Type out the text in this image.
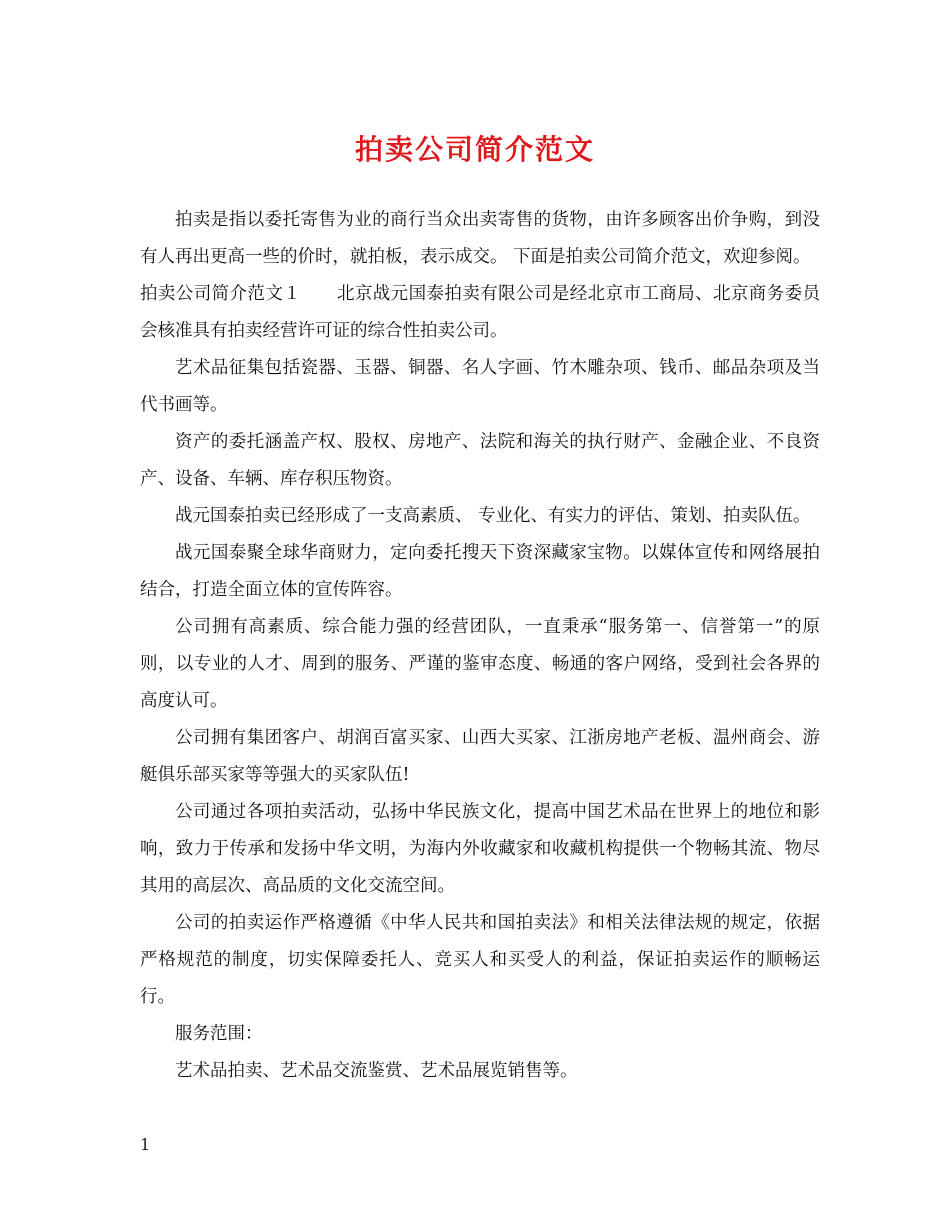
拍卖公司简介范文

拍卖是指以委托寄售为业的商行当众出卖寄售的货物，由许多顾客出价争购，到没有人再出更高一些的价时，就拍板，表示成交。 下面是拍卖公司简介范文，欢迎参阅。

拍卖公司简介范文１　　北京战元国泰拍卖有限公司是经北京市工商局、北京商务委员会核准具有拍卖经营许可证的综合性拍卖公司。

艺术品征集包括瓷器、玉器、铜器、名人字画、竹木雕杂项、钱币、邮品杂项及当代书画等。

资产的委托涵盖产权、股权、房地产、法院和海关的执行财产、金融企业、不良资产、设备、车辆、库存积压物资。

战元国泰拍卖已经形成了一支高素质、 专业化、有实力的评估、策划、拍卖队伍。

战元国泰聚全球华商财力，定向委托搜天下资深藏家宝物。以媒体宣传和网络展拍结合，打造全面立体的宣传阵容。

公司拥有高素质、综合能力强的经营团队，一直秉承“服务第一、信誉第一”的原则，以专业的人才、周到的服务、严谨的鉴审态度、畅通的客户网络，受到社会各界的高度认可。

公司拥有集团客户、胡润百富买家、山西大买家、江浙房地产老板、温州商会、游艇俱乐部买家等等强大的买家队伍!

公司通过各项拍卖活动，弘扬中华民族文化，提高中国艺术品在世界上的地位和影响，致力于传承和发扬中华文明，为海内外收藏家和收藏机构提供一个物畅其流、物尽其用的高层次、高品质的文化交流空间。

公司的拍卖运作严格遵循《中华人民共和国拍卖法》和相关法律法规的规定，依据严格规范的制度，切实保障委托人、竞买人和买受人的利益，保证拍卖运作的顺畅运行。

服务范围：

艺术品拍卖、艺术品交流鉴赏、艺术品展览销售等。

1
